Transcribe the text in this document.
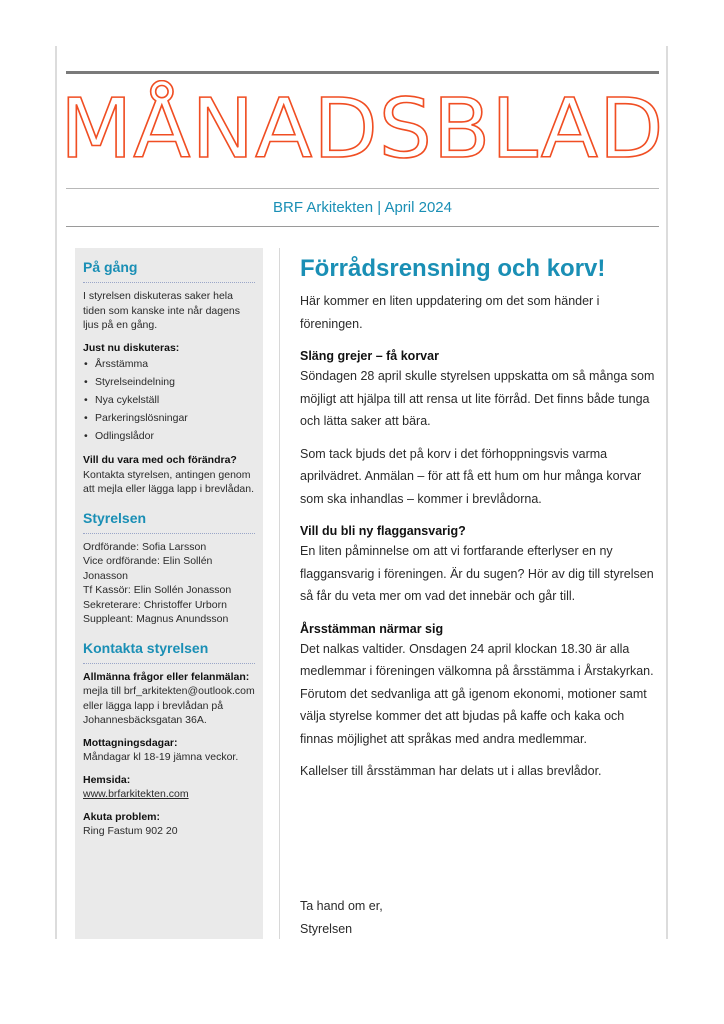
MÅNADSBLAD
BRF Arkitekten | April 2024
På gång
I styrelsen diskuteras saker hela tiden som kanske inte når dagens ljus på en gång.
Just nu diskuteras:
• Årsstämma
• Styrelseindelning
• Nya cykelställ
• Parkeringslösningar
• Odlingslådor
Vill du vara med och förändra?
Kontakta styrelsen, antingen genom att mejla eller lägga lapp i brevlådan.
Styrelsen
Ordförande: Sofia Larsson
Vice ordförande: Elin Sollén Jonasson
Tf Kassör: Elin Sollén Jonasson
Sekreterare: Christoffer Urborn
Suppleant: Magnus Anundsson
Kontakta styrelsen
Allmänna frågor eller felanmälan:
mejla till brf_arkitekten@outlook.com eller lägga lapp i brevlådan på Johannesbäcksgatan 36A.
Mottagningsdagar:
Måndagar kl 18-19 jämna veckor.
Hemsida:
www.brfarkitekten.com
Akuta problem:
Ring Fastum 902 20
Förrådsrensning och korv!

Här kommer en liten uppdatering om det som händer i föreningen.

Släng grejer – få korvar

Söndagen 28 april skulle styrelsen uppskatta om så många som möjligt att hjälpa till att rensa ut lite förråd. Det finns både tunga och lätta saker att bära.

Som tack bjuds det på korv i det förhoppningsvis varma aprilvädret. Anmälan – för att få ett hum om hur många korvar som ska inhandlas – kommer i brevlådorna.

Vill du bli ny flaggansvarig?

En liten påminnelse om att vi fortfarande efterlyser en ny flaggansvarig i föreningen. Är du sugen? Hör av dig till styrelsen så får du veta mer om vad det innebär och går till.

Årsstämman närmar sig

Det nalkas valtider. Onsdagen 24 april klockan 18.30 är alla medlemmar i föreningen välkomna på årsstämma i Årstakyrkan. Förutom det sedvanliga att gå igenom ekonomi, motioner samt välja styrelse kommer det att bjudas på kaffe och kaka och finnas möjlighet att språkas med andra medlemmar.

Kallelser till årsstämman har delats ut i allas brevlådor.

Ta hand om er,

Styrelsen
